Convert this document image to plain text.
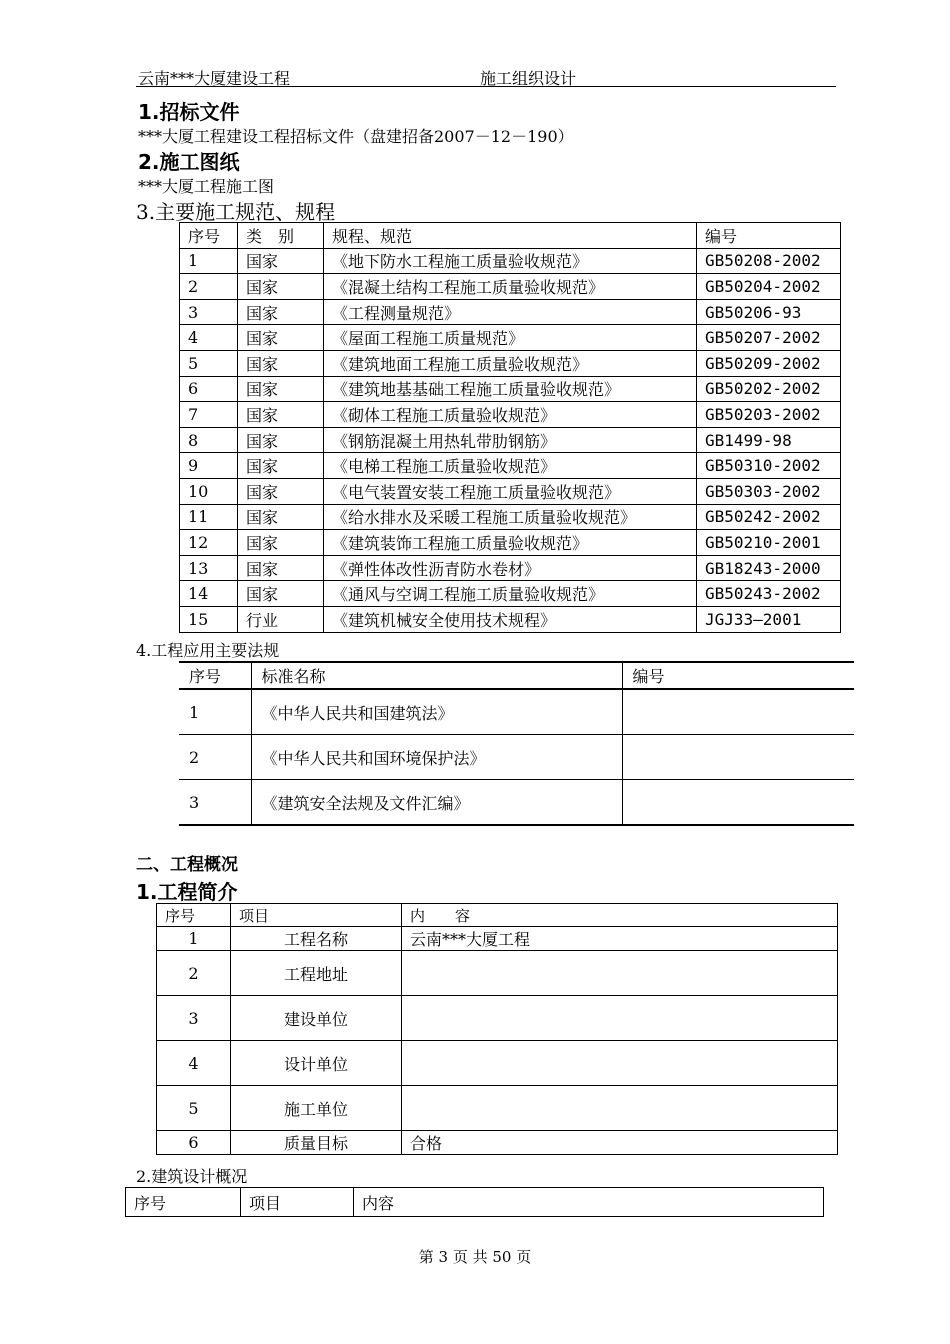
云南***大厦建设工程	施工组织设计
1.招标文件
***大厦工程建设工程招标文件（盘建招备2007－12－190）
2.施工图纸
***大厦工程施工图
3.主要施工规范、规程
序号	类　别	规程、规范	编号
1	国家	《地下防水工程施工质量验收规范》	GB50208-2002
2	国家	《混凝土结构工程施工质量验收规范》	GB50204-2002
3	国家	《工程测量规范》	GB50206-93
4	国家	《屋面工程施工质量规范》	GB50207-2002
5	国家	《建筑地面工程施工质量验收规范》	GB50209-2002
6	国家	《建筑地基基础工程施工质量验收规范》	GB50202-2002
7	国家	《砌体工程施工质量验收规范》	GB50203-2002
8	国家	《钢筋混凝土用热轧带肋钢筋》	GB1499-98
9	国家	《电梯工程施工质量验收规范》	GB50310-2002
10	国家	《电气装置安装工程施工质量验收规范》	GB50303-2002
11	国家	《给水排水及采暖工程施工质量验收规范》	GB50242-2002
12	国家	《建筑装饰工程施工质量验收规范》	GB50210-2001
13	国家	《弹性体改性沥青防水卷材》	GB18243-2000
14	国家	《通风与空调工程施工质量验收规范》	GB50243-2002
15	行业	《建筑机械安全使用技术规程》	JGJ33—2001
4.工程应用主要法规
序号	标准名称	编号
1	《中华人民共和国建筑法》	
2	《中华人民共和国环境保护法》	
3	《建筑安全法规及文件汇编》	
二、工程概况
1.工程简介
序号	项目	内　　容
1	工程名称	云南***大厦工程
2	工程地址	
3	建设单位	
4	设计单位	
5	施工单位	
6	质量目标	合格
2.建筑设计概况
序号	项目	内容
第 3 页 共 50 页
